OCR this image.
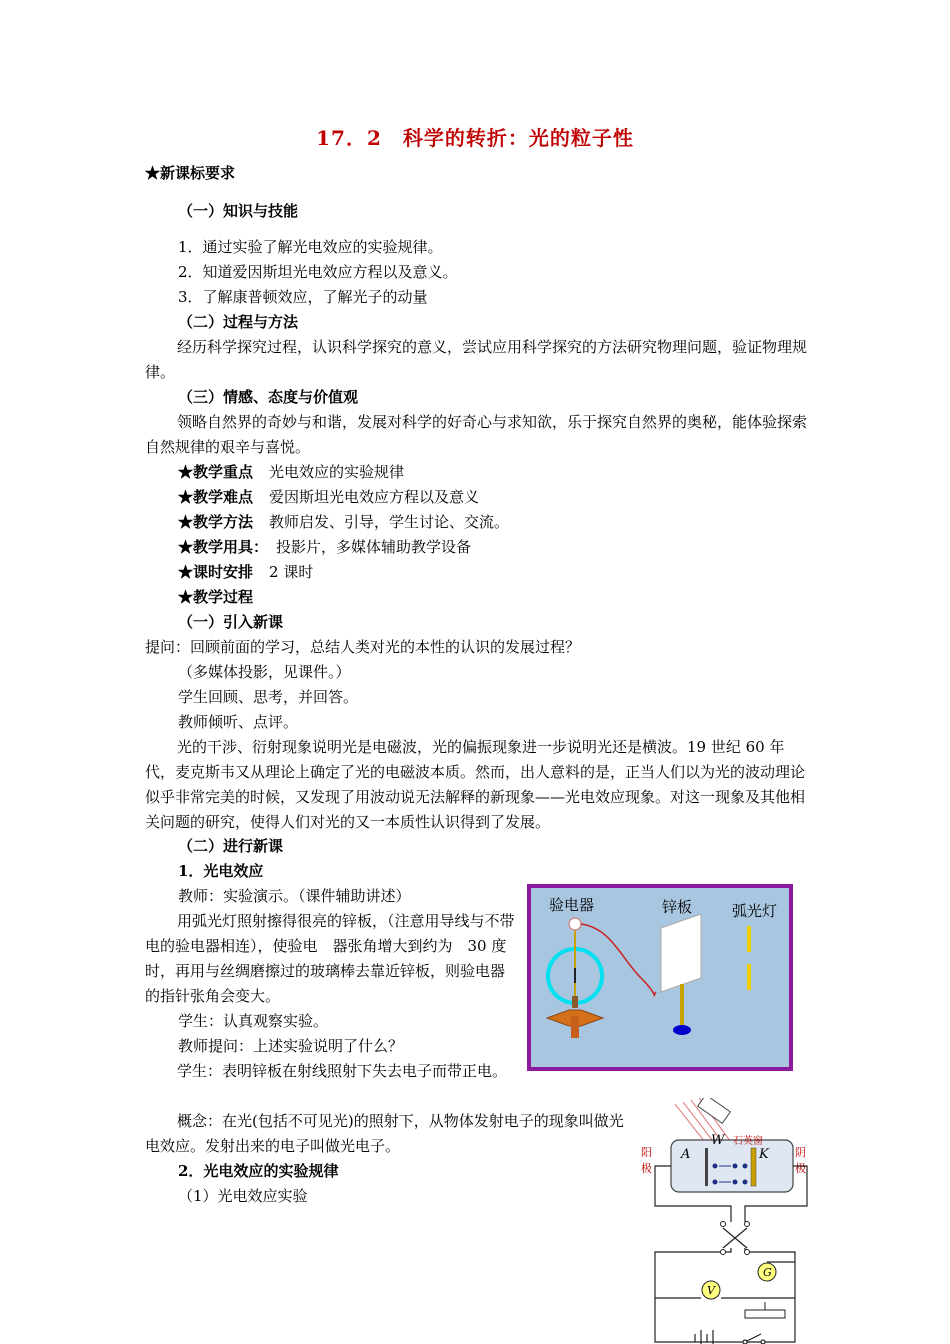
17．2　科学的转折：光的粒子性
★新课标要求
（一）知识与技能
1．通过实验了解光电效应的实验规律。
2．知道爱因斯坦光电效应方程以及意义。
3．了解康普顿效应，了解光子的动量
（二）过程与方法
经历科学探究过程，认识科学探究的意义，尝试应用科学探究的方法研究物理问题，验证物理规律。
（三）情感、态度与价值观
领略自然界的奇妙与和谐，发展对科学的好奇心与求知欲，乐于探究自然界的奥秘，能体验探索自然规律的艰辛与喜悦。
★教学重点 光电效应的实验规律
★教学难点 爱因斯坦光电效应方程以及意义
★教学方法 教师启发、引导，学生讨论、交流。
★教学用具： 投影片，多媒体辅助教学设备
★课时安排 2 课时
★教学过程
（一）引入新课
提问：回顾前面的学习，总结人类对光的本性的认识的发展过程？
（多媒体投影，见课件。）
学生回顾、思考，并回答。
教师倾听、点评。
光的干涉、衍射现象说明光是电磁波，光的偏振现象进一步说明光还是横波。19 世纪 60 年代，麦克斯韦又从理论上确定了光的电磁波本质。然而，出人意料的是，正当人们以为光的波动理论似乎非常完美的时候，又发现了用波动说无法解释的新现象——光电效应现象。对这一现象及其他相关问题的研究，使得人们对光的又一本质性认识得到了发展。
（二）进行新课
1．光电效应
教师：实验演示。（课件辅助讲述）
用弧光灯照射擦得很亮的锌板，（注意用导线与不带电的验电器相连），使验电　器张角增大到约为　30 度时，再用与丝绸磨擦过的玻璃棒去靠近锌板，则验电器的指针张角会变大。
学生：认真观察实验。
教师提问：上述实验说明了什么？
学生：表明锌板在射线照射下失去电子而带正电。
概念：在光(包括不可见光)的照射下，从物体发射电子的现象叫做光电效应。发射出来的电子叫做光电子。
2．光电效应的实验规律
（1）光电效应实验
验电器	锌板	弧光灯
A	K
W 石英窗
阳极
阴极
G
V
